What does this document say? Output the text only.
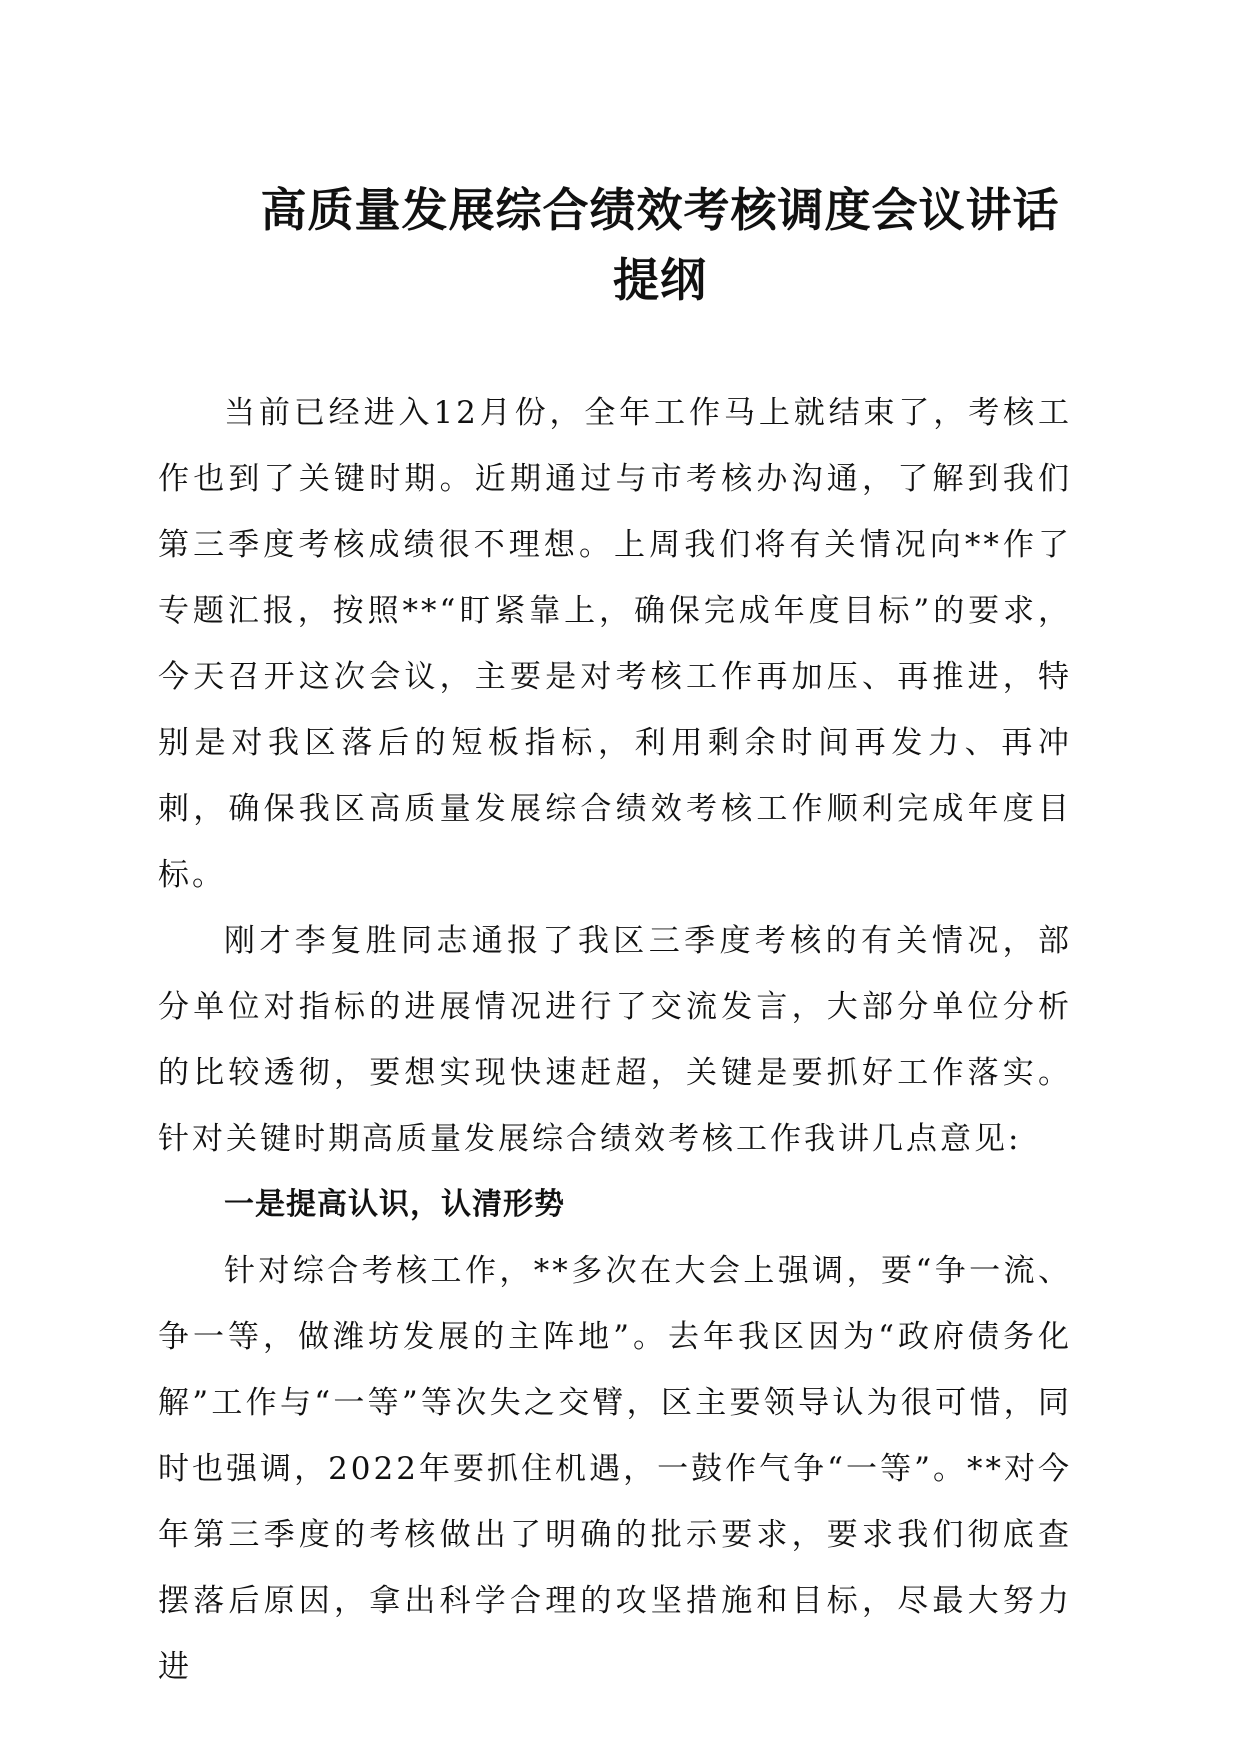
高质量发展综合绩效考核调度会议讲话
提纲

当前已经进入12月份，全年工作马上就结束了，考核工作也到了关键时期。近期通过与市考核办沟通，了解到我们第三季度考核成绩很不理想。上周我们将有关情况向**作了专题汇报，按照**“盯紧靠上，确保完成年度目标”的要求，今天召开这次会议，主要是对考核工作再加压、再推进，特别是对我区落后的短板指标，利用剩余时间再发力、再冲刺，确保我区高质量发展综合绩效考核工作顺利完成年度目标。

刚才李复胜同志通报了我区三季度考核的有关情况，部分单位对指标的进展情况进行了交流发言，大部分单位分析的比较透彻，要想实现快速赶超，关键是要抓好工作落实。针对关键时期高质量发展综合绩效考核工作我讲几点意见:

一是提高认识，认清形势

针对综合考核工作，**多次在大会上强调，要“争一流、争一等，做潍坊发展的主阵地”。去年我区因为“政府债务化解”工作与“一等”等次失之交臂，区主要领导认为很可惜，同时也强调，2022年要抓住机遇，一鼓作气争“一等”。**对今年第三季度的考核做出了明确的批示要求，要求我们彻底查摆落后原因，拿出科学合理的攻坚措施和目标，尽最大努力进
